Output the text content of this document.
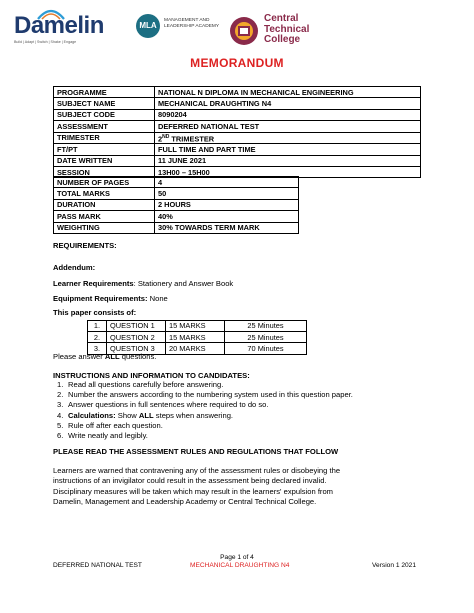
Damelin
Build | Adapt | Switch | Shake | Engage
MLA
MANAGEMENT AND
LEADERSHIP ACADEMY
Central
Technical
College
MEMORANDUM
PROGRAMME	NATIONAL N DIPLOMA IN MECHANICAL ENGINEERING
SUBJECT NAME	MECHANICAL DRAUGHTING N4
SUBJECT CODE	8090204
ASSESSMENT	DEFERRED NATIONAL TEST
TRIMESTER	2ND TRIMESTER
FT/PT	FULL TIME AND PART TIME
DATE WRITTEN	11 JUNE 2021
SESSION	13H00 – 15H00
NUMBER OF PAGES	4
TOTAL MARKS	50
DURATION	2 HOURS
PASS MARK	40%
WEIGHTING	30% TOWARDS TERM MARK
REQUIREMENTS:
Addendum:
Learner Requirements: Stationery and Answer Book
Equipment Requirements: None
This paper consists of:
1.	QUESTION 1	15 MARKS	25 Minutes
2.	QUESTION 2	15 MARKS	25 Minutes
3.	QUESTION 3	20 MARKS	70 Minutes
Please answer ALL questions.
INSTRUCTIONS AND INFORMATION TO CANDIDATES:
1. Read all questions carefully before answering.
2. Number the answers according to the numbering system used in this question paper.
3. Answer questions in full sentences where required to do so.
4. Calculations: Show ALL steps when answering.
5. Rule off after each question.
6. Write neatly and legibly.
PLEASE READ THE ASSESSMENT RULES AND REGULATIONS THAT FOLLOW
Learners are warned that contravening any of the assessment rules or disobeying the
instructions of an invigilator could result in the assessment being declared invalid.
Disciplinary measures will be taken which may result in the learners' expulsion from
Damelin, Management and Leadership Academy or Central Technical College.
Page 1 of 4
DEFERRED NATIONAL TEST	MECHANICAL DRAUGHTING N4	Version 1 2021
